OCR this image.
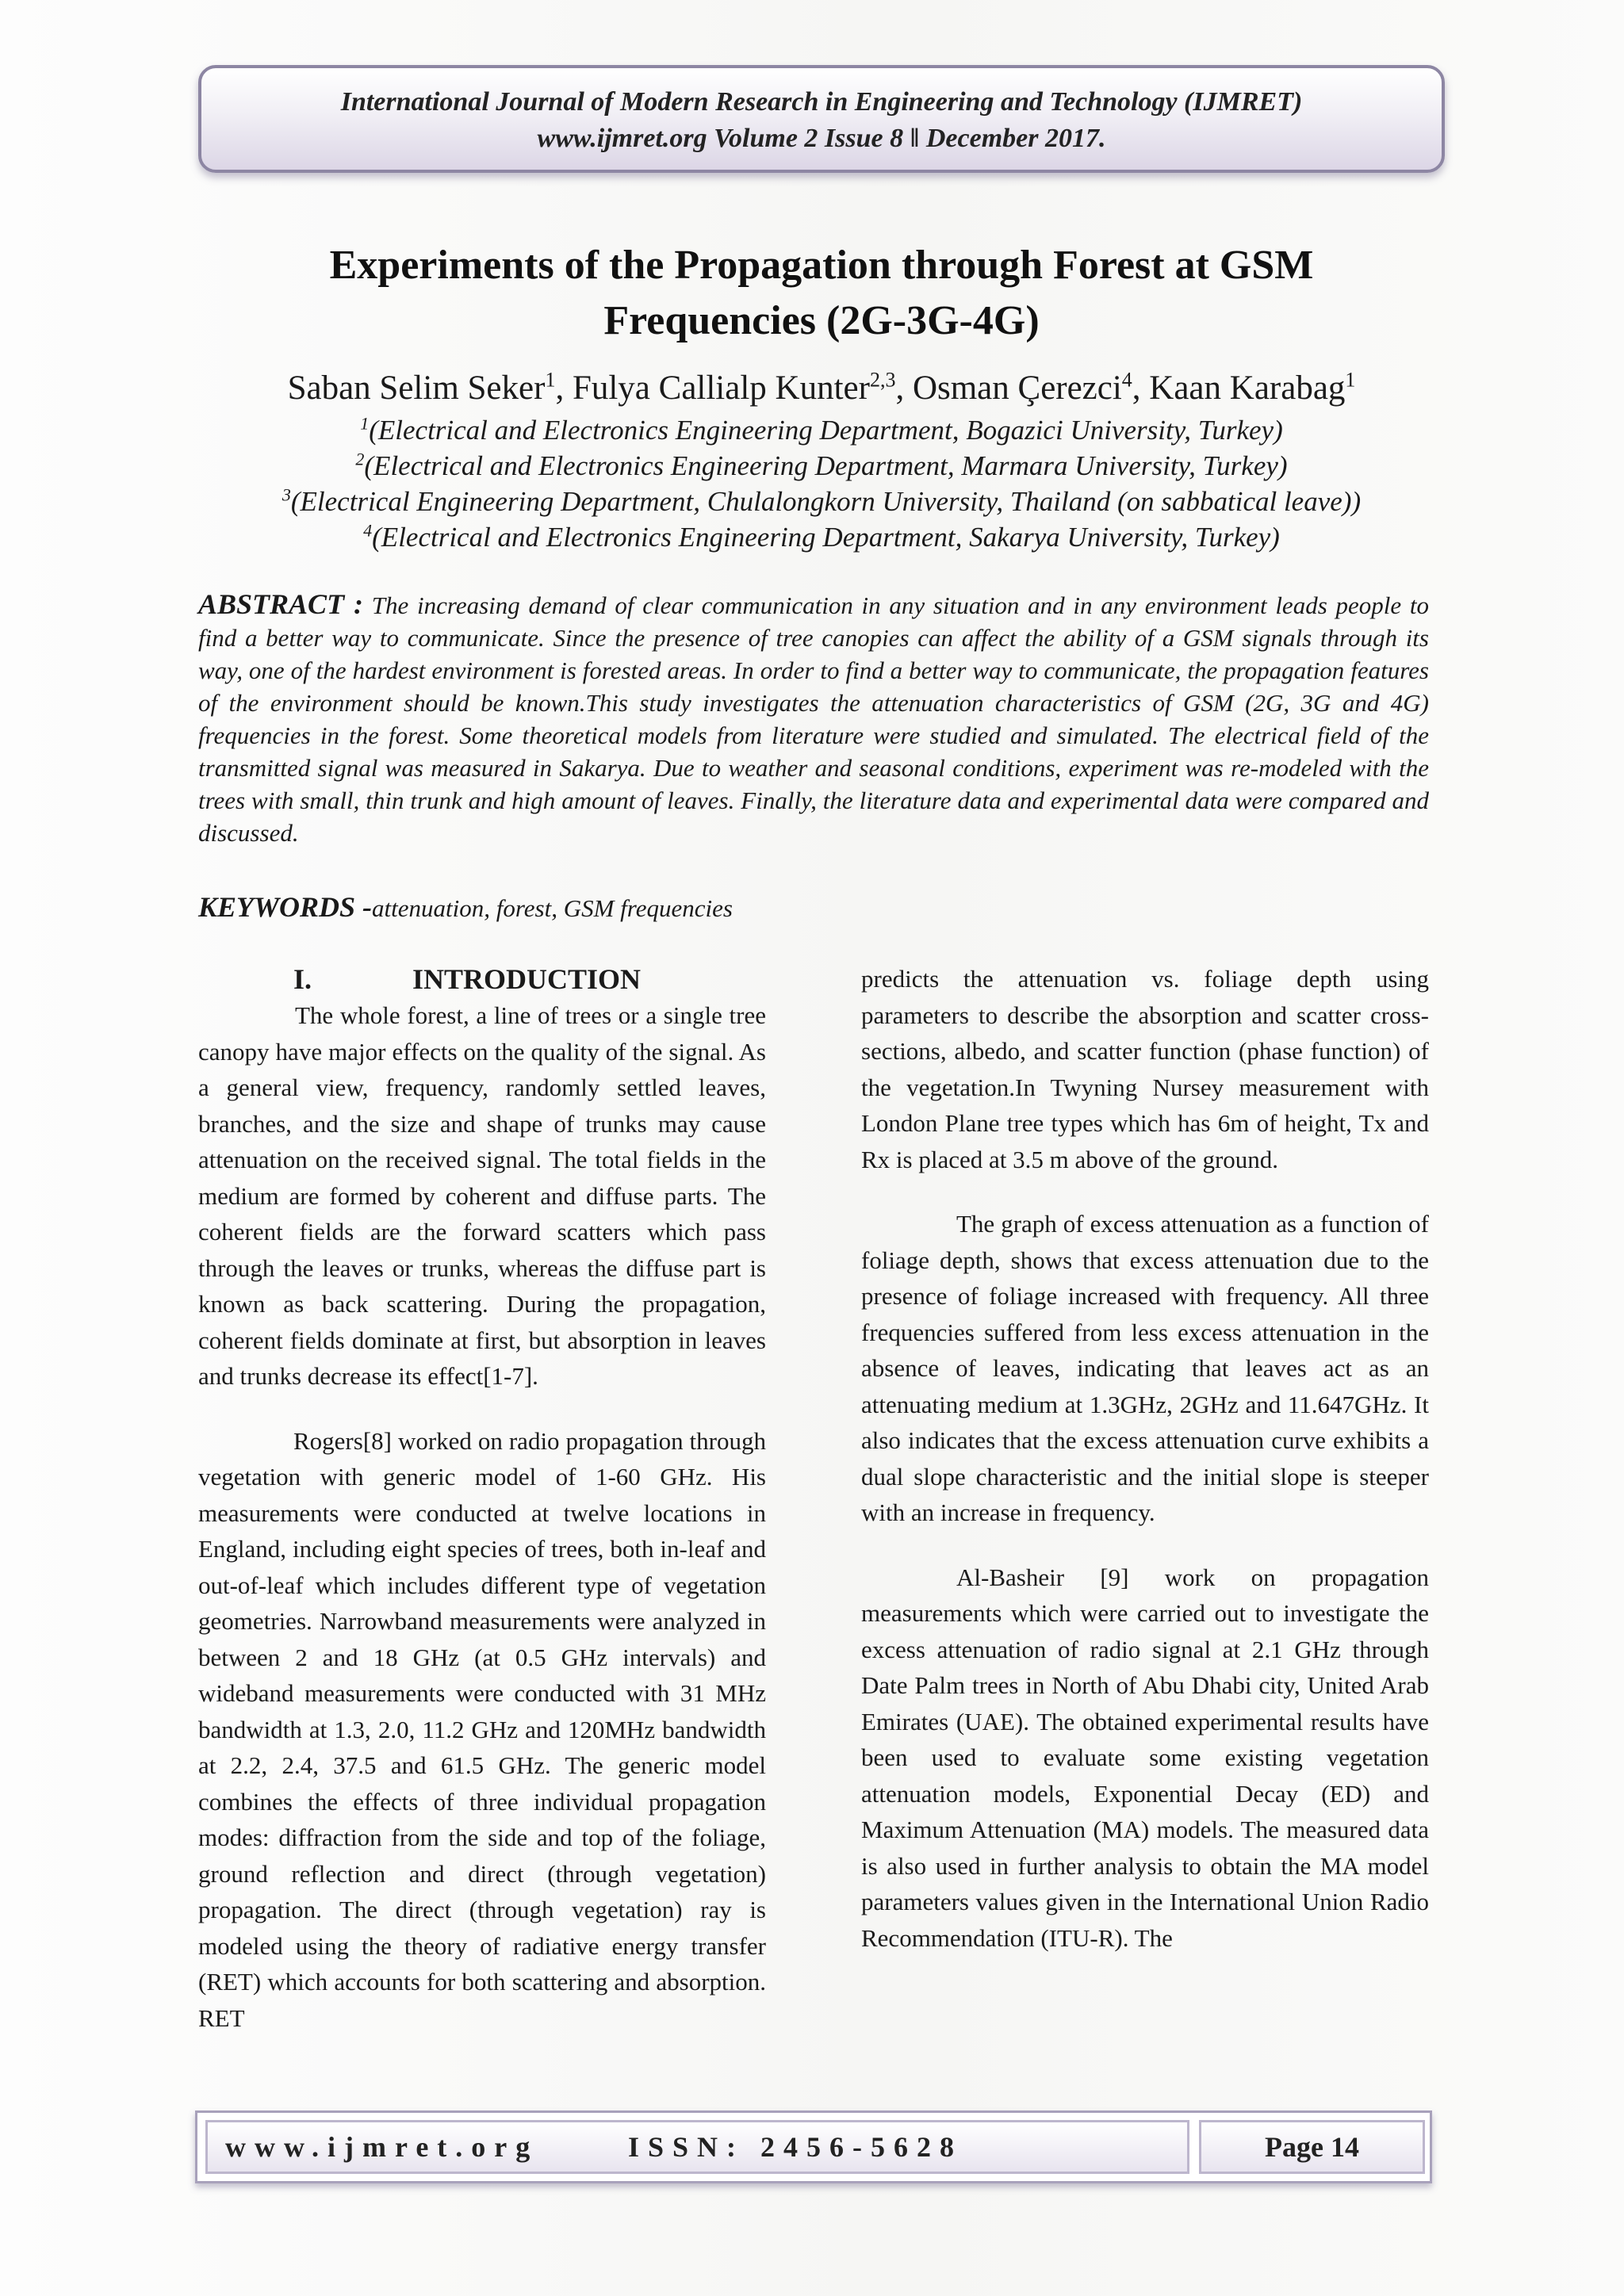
International Journal of Modern Research in Engineering and Technology (IJMRET)
www.ijmret.org Volume 2 Issue 8 ǁ December 2017.
Experiments of the Propagation through Forest at GSM
Frequencies (2G-3G-4G)
Saban Selim Seker$^1$, Fulya Callialp Kunter$^{2,3}$, Osman Çerezci$^4$, Kaan Karabag$^1$
$^1$(Electrical and Electronics Engineering Department, Bogazici University, Turkey)
$^2$(Electrical and Electronics Engineering Department, Marmara University, Turkey)
$^3$(Electrical Engineering Department, Chulalongkorn University, Thailand (on sabbatical leave))
$^4$(Electrical and Electronics Engineering Department, Sakarya University, Turkey)
ABSTRACT : The increasing demand of clear communication in any situation and in any environment leads people to find a better way to communicate. Since the presence of tree canopies can affect the ability of a GSM signals through its way, one of the hardest environment is forested areas. In order to find a better way to communicate, the propagation features of the environment should be known.This study investigates the attenuation characteristics of GSM (2G, 3G and 4G) frequencies in the forest. Some theoretical models from literature were studied and simulated. The electrical field of the transmitted signal was measured in Sakarya. Due to weather and seasonal conditions, experiment was re-modeled with the trees with small, thin trunk and high amount of leaves. Finally, the literature data and experimental data were compared and discussed.
KEYWORDS -attenuation, forest, GSM frequencies
I.	INTRODUCTION

The whole forest, a line of trees or a single tree canopy have major effects on the quality of the signal. As a general view, frequency, randomly settled leaves, branches, and the size and shape of trunks may cause attenuation on the received signal. The total fields in the medium are formed by coherent and diffuse parts. The coherent fields are the forward scatters which pass through the leaves or trunks, whereas the diffuse part is known as back scattering. During the propagation, coherent fields dominate at first, but absorption in leaves and trunks decrease its effect[1-7].

Rogers[8] worked on radio propagation through vegetation with generic model of 1-60 GHz. His measurements were conducted at twelve locations in England, including eight species of trees, both in-leaf and out-of-leaf which includes different type of vegetation geometries. Narrowband measurements were analyzed in between 2 and 18 GHz (at 0.5 GHz intervals) and wideband measurements were conducted with 31 MHz bandwidth at 1.3, 2.0, 11.2 GHz and 120MHz bandwidth at 2.2, 2.4, 37.5 and 61.5 GHz. The generic model combines the effects of three individual propagation modes: diffraction from the side and top of the foliage, ground reflection and direct (through vegetation) propagation. The direct (through vegetation) ray is modeled using the theory of radiative energy transfer (RET) which accounts for both scattering and absorption. RET

predicts the attenuation vs. foliage depth using parameters to describe the absorption and scatter cross-sections, albedo, and scatter function (phase function) of the vegetation.In Twyning Nursey measurement with London Plane tree types which has 6m of height, Tx and Rx is placed at 3.5 m above of the ground.

The graph of excess attenuation as a function of foliage depth, shows that excess attenuation due to the presence of foliage increased with frequency. All three frequencies suffered from less excess attenuation in the absence of leaves, indicating that leaves act as an attenuating medium at 1.3GHz, 2GHz and 11.647GHz. It also indicates that the excess attenuation curve exhibits a dual slope characteristic and the initial slope is steeper with an increase in frequency.

Al-Basheir [9] work on propagation measurements which were carried out to investigate the excess attenuation of radio signal at 2.1 GHz through Date Palm trees in North of Abu Dhabi city, United Arab Emirates (UAE). The obtained experimental results have been used to evaluate some existing vegetation attenuation models, Exponential Decay (ED) and Maximum Attenuation (MA) models. The measured data is also used in further analysis to obtain the MA model parameters values given in the International Union Radio Recommendation (ITU-R). The

www.ijmret.org	ISSN: 2456-5628	Page 14
